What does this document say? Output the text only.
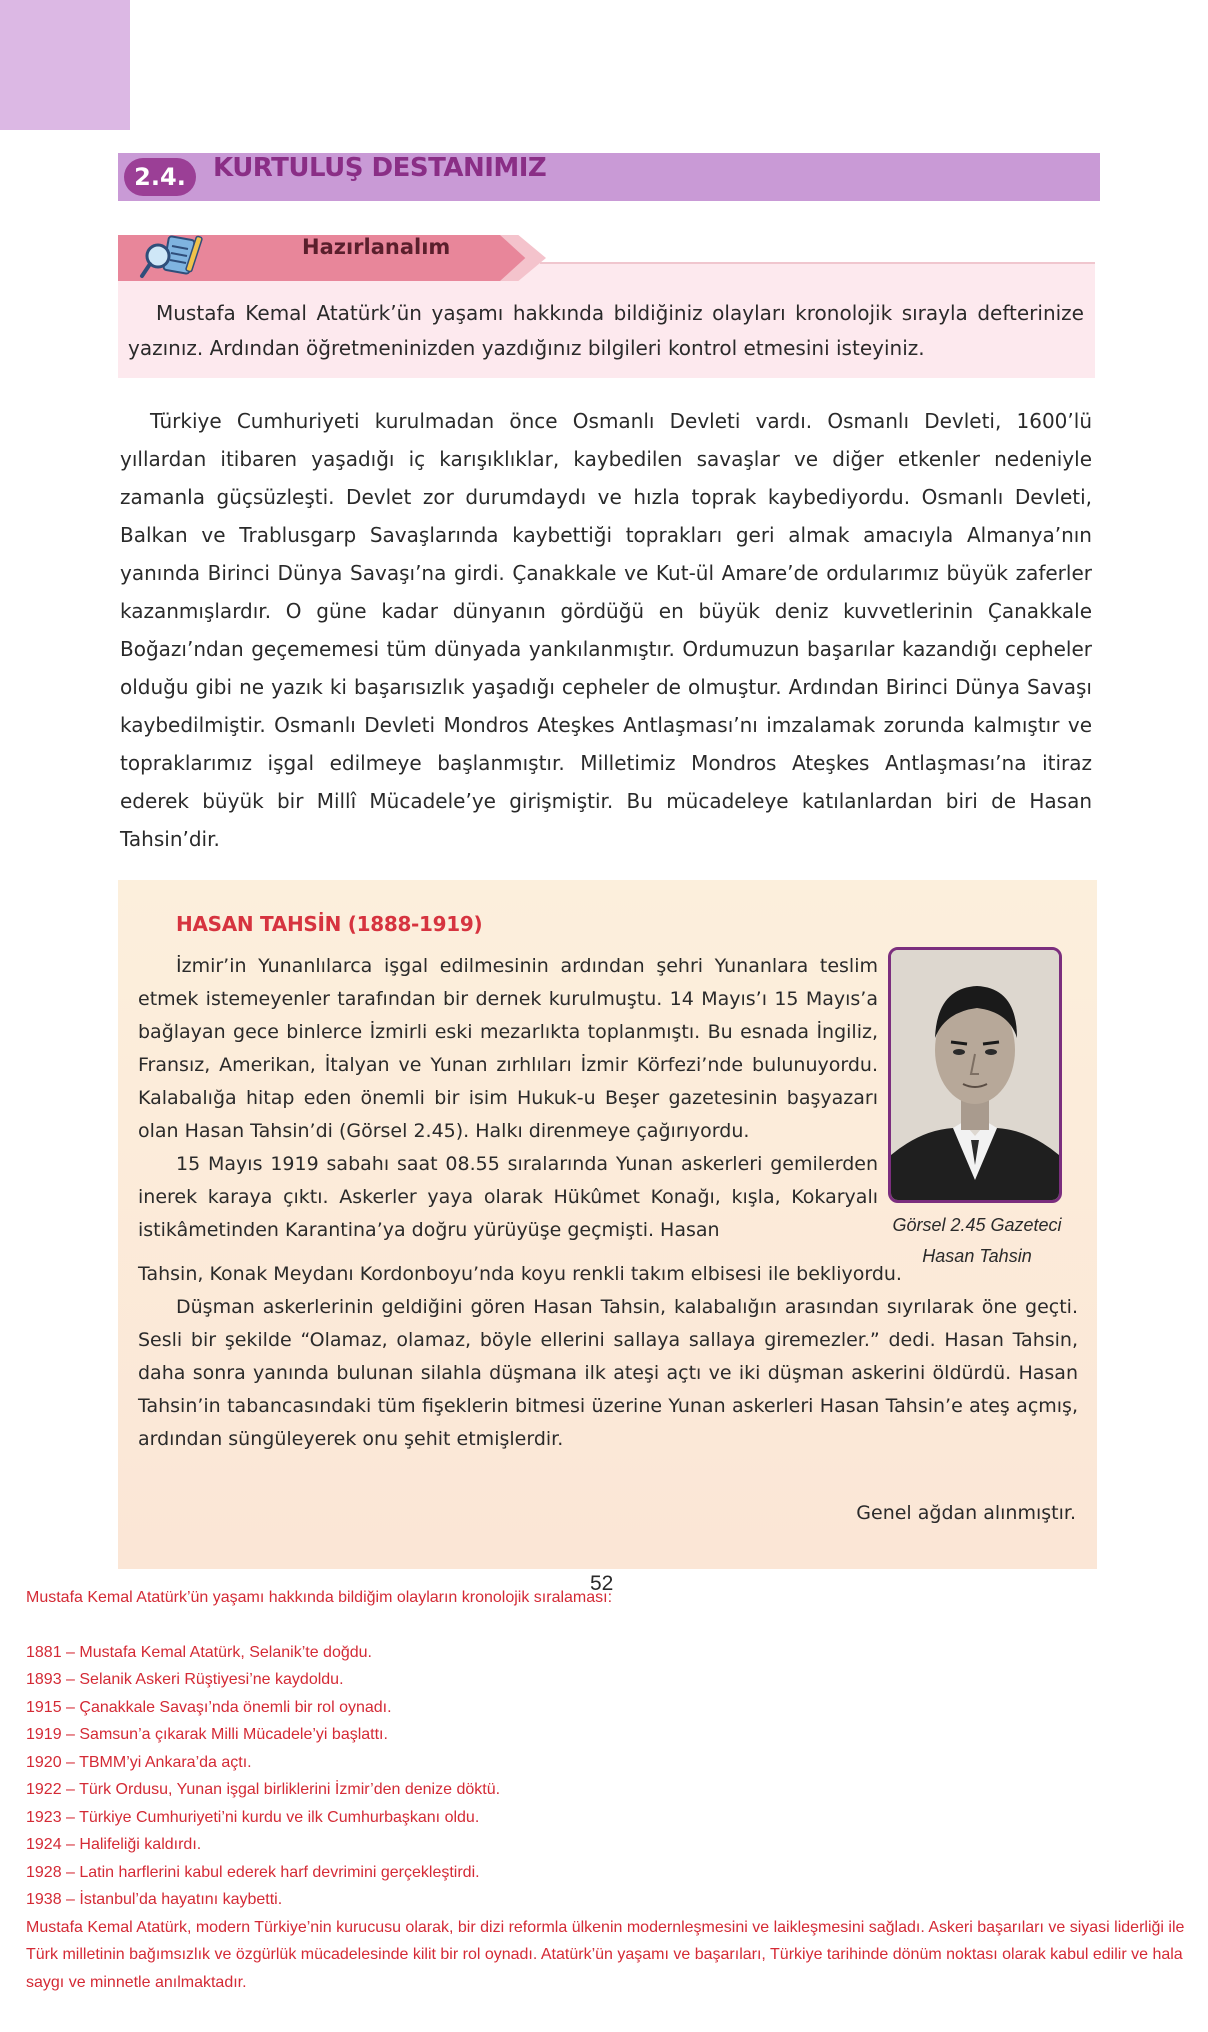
2.4.	KURTULUŞ DESTANIMIZ
Hazırlanalım
Mustafa Kemal Atatürk’ün yaşamı hakkında bildiğiniz olayları kronolojik sırayla defterinize yazınız. Ardından öğretmeninizden yazdığınız bilgileri kontrol etmesini isteyiniz.

Türkiye Cumhuriyeti kurulmadan önce Osmanlı Devleti vardı. Osmanlı Devleti, 1600’lü yıllardan itibaren yaşadığı iç karışıklıklar, kaybedilen savaşlar ve diğer etkenler nedeniyle zamanla güçsüzleşti. Devlet zor durumdaydı ve hızla toprak kaybediyordu. Osmanlı Devleti, Balkan ve Trablusgarp Savaşlarında kaybettiği toprakları geri almak amacıyla Almanya’nın yanında Birinci Dünya Savaşı’na girdi. Çanakkale ve Kut-ül Amare’de ordularımız büyük zaferler kazanmışlardır. O güne kadar dünyanın gördüğü en büyük deniz kuvvetlerinin Çanakkale Boğazı’ndan geçememesi tüm dünyada yankılanmıştır. Ordumuzun başarılar kazandığı cepheler olduğu gibi ne yazık ki başarısızlık yaşadığı cepheler de olmuştur. Ardından Birinci Dünya Savaşı kaybedilmiştir. Osmanlı Devleti Mondros Ateşkes Antlaşması’nı imzalamak zorunda kalmıştır ve topraklarımız işgal edilmeye başlanmıştır. Milletimiz Mondros Ateşkes Antlaşması’na itiraz ederek büyük bir Millî Mücadele’ye girişmiştir. Bu mücadeleye katılanlardan biri de Hasan Tahsin’dir.

HASAN TAHSİN (1888-1919)

İzmir’in Yunanlılarca işgal edilmesinin ardından şehri Yunanlara teslim etmek istemeyenler tarafından bir dernek kurulmuştu. 14 Mayıs’ı 15 Mayıs’a bağlayan gece binlerce İzmirli eski mezarlıkta toplanmıştı. Bu esnada İngiliz, Fransız, Amerikan, İtalyan ve Yunan zırhlıları İzmir Körfezi’nde bulunuyordu. Kalabalığa hitap eden önemli bir isim Hukuk-u Beşer gazetesinin başyazarı olan Hasan Tahsin’di (Görsel 2.45). Halkı direnmeye çağırıyordu.

15 Mayıs 1919 sabahı saat 08.55 sıralarında Yunan askerleri gemilerden inerek karaya çıktı. Askerler yaya olarak Hükûmet Konağı, kışla, Kokaryalı istikâmetinden Karantina’ya doğru yürüyüşe geçmişti. Hasan	Görsel 2.45 Gazeteci
Hasan Tahsin
Tahsin, Konak Meydanı Kordonboyu’nda koyu renkli takım elbisesi ile bekliyordu.

Düşman askerlerinin geldiğini gören Hasan Tahsin, kalabalığın arasından sıyrılarak öne geçti. Sesli bir şekilde “Olamaz, olamaz, böyle ellerini sallaya sallaya giremezler.” dedi. Hasan Tahsin, daha sonra yanında bulunan silahla düşmana ilk ateşi açtı ve iki düşman askerini öldürdü. Hasan Tahsin’in tabancasındaki tüm fişeklerin bitmesi üzerine Yunan askerleri Hasan Tahsin’e ateş açmış, ardından süngüleyerek onu şehit etmişlerdir.

Genel ağdan alınmıştır.
52
Mustafa Kemal Atatürk’ün yaşamı hakkında bildiğim olayların kronolojik sıralaması:
1881 – Mustafa Kemal Atatürk, Selanik’te doğdu.
1893 – Selanik Askeri Rüştiyesi’ne kaydoldu.
1915 – Çanakkale Savaşı’nda önemli bir rol oynadı.
1919 – Samsun’a çıkarak Milli Mücadele’yi başlattı.
1920 – TBMM’yi Ankara’da açtı.
1922 – Türk Ordusu, Yunan işgal birliklerini İzmir’den denize döktü.
1923 – Türkiye Cumhuriyeti’ni kurdu ve ilk Cumhurbaşkanı oldu.
1924 – Halifeliği kaldırdı.
1928 – Latin harflerini kabul ederek harf devrimini gerçekleştirdi.
1938 – İstanbul’da hayatını kaybetti.
Mustafa Kemal Atatürk, modern Türkiye’nin kurucusu olarak, bir dizi reformla ülkenin modernleşmesini ve laikleşmesini sağladı. Askeri başarıları ve siyasi liderliği ile Türk milletinin bağımsızlık ve özgürlük mücadelesinde kilit bir rol oynadı. Atatürk’ün yaşamı ve başarıları, Türkiye tarihinde dönüm noktası olarak kabul edilir ve hala saygı ve minnetle anılmaktadır.
